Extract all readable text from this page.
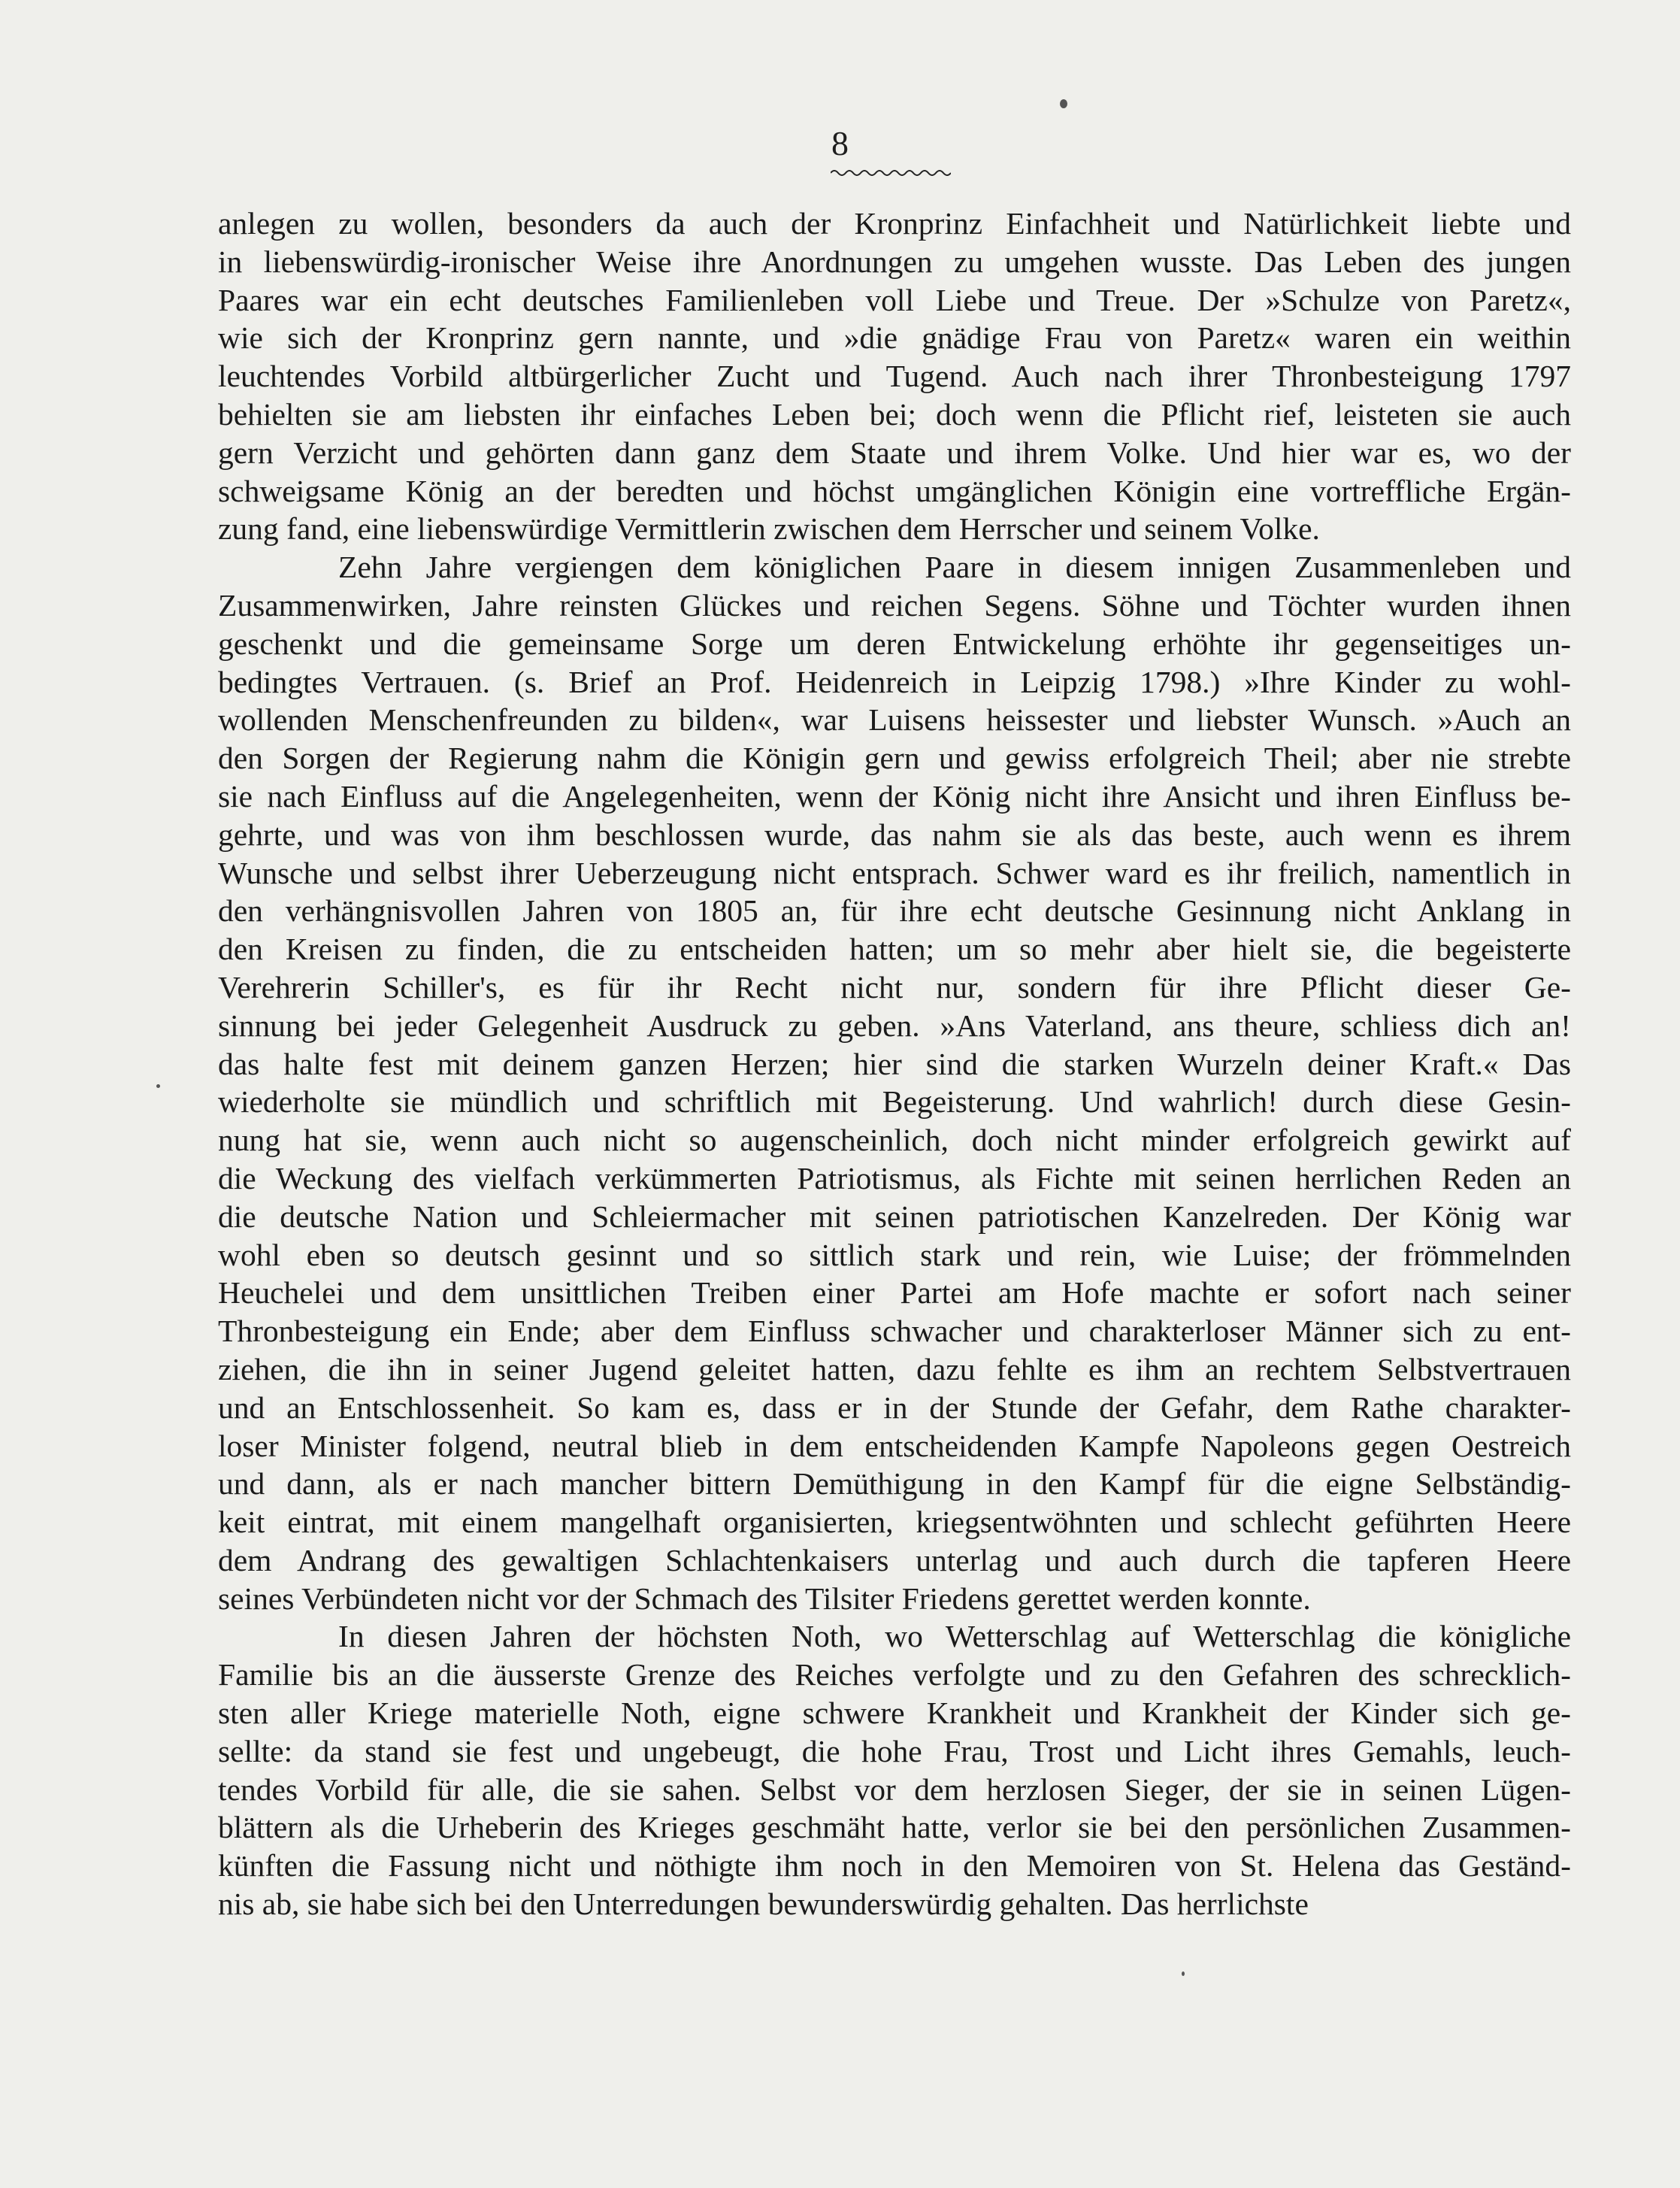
8
anlegen zu wollen, besonders da auch der Kronprinz Einfachheit und Natürlichkeit liebte und
in liebenswürdig-ironischer Weise ihre Anordnungen zu umgehen wusste. Das Leben des jungen
Paares war ein echt deutsches Familienleben voll Liebe und Treue. Der »Schulze von Paretz«,
wie sich der Kronprinz gern nannte, und »die gnädige Frau von Paretz« waren ein weithin
leuchtendes Vorbild altbürgerlicher Zucht und Tugend. Auch nach ihrer Thronbesteigung 1797
behielten sie am liebsten ihr einfaches Leben bei; doch wenn die Pflicht rief, leisteten sie auch
gern Verzicht und gehörten dann ganz dem Staate und ihrem Volke. Und hier war es, wo der
schweigsame König an der beredten und höchst umgänglichen Königin eine vortreffliche Ergän-
zung fand, eine liebenswürdige Vermittlerin zwischen dem Herrscher und seinem Volke.
Zehn Jahre vergiengen dem königlichen Paare in diesem innigen Zusammenleben und
Zusammenwirken, Jahre reinsten Glückes und reichen Segens. Söhne und Töchter wurden ihnen
geschenkt und die gemeinsame Sorge um deren Entwickelung erhöhte ihr gegenseitiges un-
bedingtes Vertrauen. (s. Brief an Prof. Heidenreich in Leipzig 1798.) »Ihre Kinder zu wohl-
wollenden Menschenfreunden zu bilden«, war Luisens heissester und liebster Wunsch. »Auch an
den Sorgen der Regierung nahm die Königin gern und gewiss erfolgreich Theil; aber nie strebte
sie nach Einfluss auf die Angelegenheiten, wenn der König nicht ihre Ansicht und ihren Einfluss be-
gehrte, und was von ihm beschlossen wurde, das nahm sie als das beste, auch wenn es ihrem
Wunsche und selbst ihrer Ueberzeugung nicht entsprach. Schwer ward es ihr freilich, namentlich in
den verhängnisvollen Jahren von 1805 an, für ihre echt deutsche Gesinnung nicht Anklang in
den Kreisen zu finden, die zu entscheiden hatten; um so mehr aber hielt sie, die begeisterte
Verehrerin Schiller's, es für ihr Recht nicht nur, sondern für ihre Pflicht dieser Ge-
sinnung bei jeder Gelegenheit Ausdruck zu geben. »Ans Vaterland, ans theure, schliess dich an!
das halte fest mit deinem ganzen Herzen; hier sind die starken Wurzeln deiner Kraft.« Das
wiederholte sie mündlich und schriftlich mit Begeisterung. Und wahrlich! durch diese Gesin-
nung hat sie, wenn auch nicht so augenscheinlich, doch nicht minder erfolgreich gewirkt auf
die Weckung des vielfach verkümmerten Patriotismus, als Fichte mit seinen herrlichen Reden an
die deutsche Nation und Schleiermacher mit seinen patriotischen Kanzelreden. Der König war
wohl eben so deutsch gesinnt und so sittlich stark und rein, wie Luise; der frömmelnden
Heuchelei und dem unsittlichen Treiben einer Partei am Hofe machte er sofort nach seiner
Thronbesteigung ein Ende; aber dem Einfluss schwacher und charakterloser Männer sich zu ent-
ziehen, die ihn in seiner Jugend geleitet hatten, dazu fehlte es ihm an rechtem Selbstvertrauen
und an Entschlossenheit. So kam es, dass er in der Stunde der Gefahr, dem Rathe charakter-
loser Minister folgend, neutral blieb in dem entscheidenden Kampfe Napoleons gegen Oestreich
und dann, als er nach mancher bittern Demüthigung in den Kampf für die eigne Selbständig-
keit eintrat, mit einem mangelhaft organisierten, kriegsentwöhnten und schlecht geführten Heere
dem Andrang des gewaltigen Schlachtenkaisers unterlag und auch durch die tapferen Heere
seines Verbündeten nicht vor der Schmach des Tilsiter Friedens gerettet werden konnte.
In diesen Jahren der höchsten Noth, wo Wetterschlag auf Wetterschlag die königliche
Familie bis an die äusserste Grenze des Reiches verfolgte und zu den Gefahren des schrecklich-
sten aller Kriege materielle Noth, eigne schwere Krankheit und Krankheit der Kinder sich ge-
sellte: da stand sie fest und ungebeugt, die hohe Frau, Trost und Licht ihres Gemahls, leuch-
tendes Vorbild für alle, die sie sahen. Selbst vor dem herzlosen Sieger, der sie in seinen Lügen-
blättern als die Urheberin des Krieges geschmäht hatte, verlor sie bei den persönlichen Zusammen-
künften die Fassung nicht und nöthigte ihm noch in den Memoiren von St. Helena das Geständ-
nis ab, sie habe sich bei den Unterredungen bewunderswürdig gehalten. Das herrlichste
